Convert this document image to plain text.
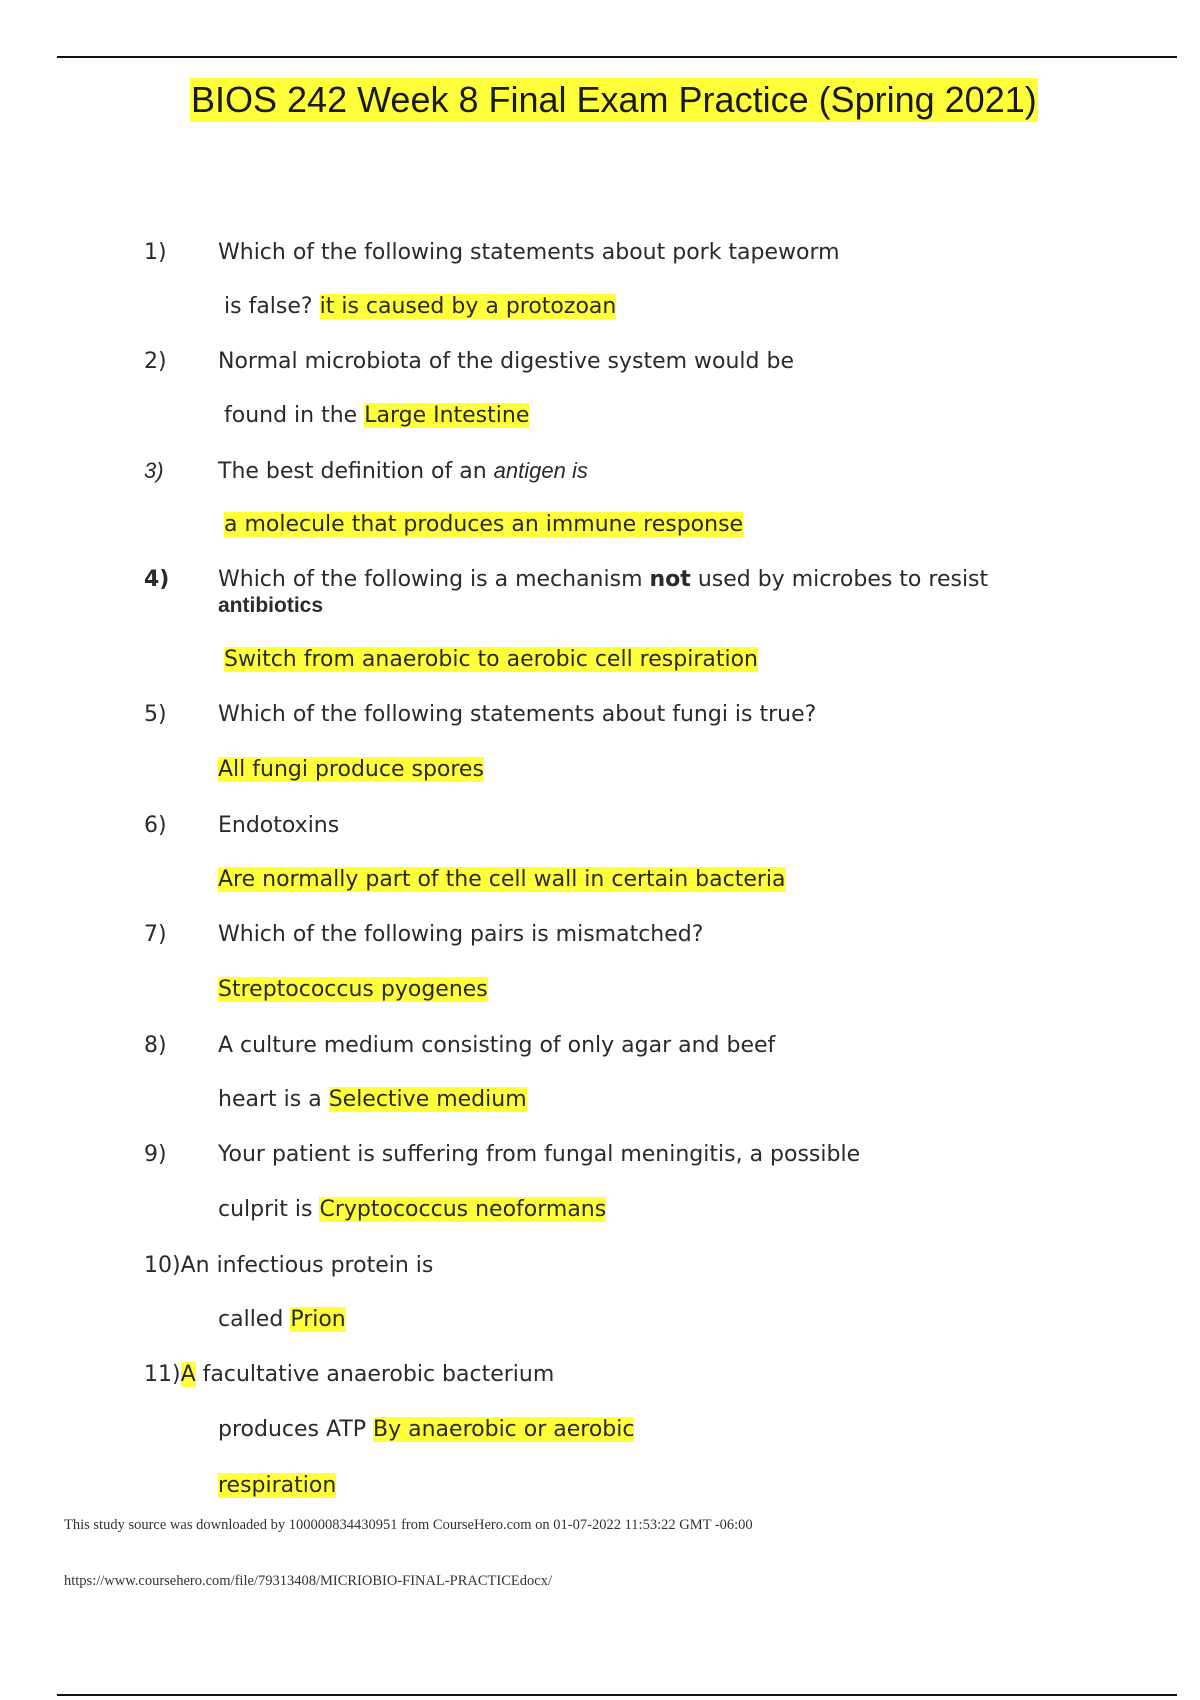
BIOS 242 Week 8 Final Exam Practice (Spring 2021)
1) Which of the following statements about pork tapeworm
is false? it is caused by a protozoan
2) Normal microbiota of the digestive system would be
found in the Large Intestine
3) The best definition of an antigen is
a molecule that produces an immune response
4) Which of the following is a mechanism not used by microbes to resist
antibiotics
Switch from anaerobic to aerobic cell respiration
5) Which of the following statements about fungi is true?
All fungi produce spores
6) Endotoxins
Are normally part of the cell wall in certain bacteria
7) Which of the following pairs is mismatched?
Streptococcus pyogenes
8) A culture medium consisting of only agar and beef
heart is a Selective medium
9) Your patient is suffering from fungal meningitis, a possible
culprit is Cryptococcus neoformans
10)An infectious protein is
called Prion
11)A facultative anaerobic bacterium
produces ATP By anaerobic or aerobic
respiration
This study source was downloaded by 100000834430951 from CourseHero.com on 01-07-2022 11:53:22 GMT -06:00
https://www.coursehero.com/file/79313408/MICRIOBIO-FINAL-PRACTICEdocx/
